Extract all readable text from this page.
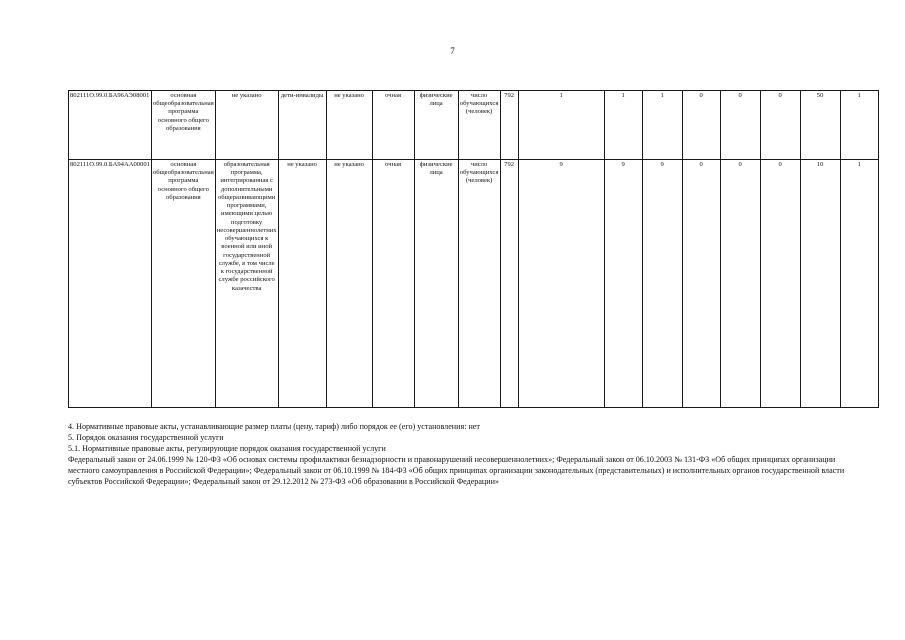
7
802111О.99.0.БА96АЭ08001	основная общеобразовательная программа основного общего образования	не указано	дети-инвалиды	не указано	очная	физические лица	число обучающихся (человек)	792	1	1	1	0	0	0	50	1
802111О.99.0.БА94АА00001	основная общеобразовательная программа основного общего образования	образовательная программа, интегрированная с дополнительными общеразвивающими программами, имеющими целью подготовку несовершеннолетних обучающихся к военной или иной государственной службе, в том числе к государственной службе российского казачества	не указано	не указано	очная	физические лица	число обучающихся (человек)	792	9	9	9	0	0	0	10	1

4. Нормативные правовые акты, устанавливающие размер платы (цену, тариф) либо порядок ее (его) установления: нет

5. Порядок оказания государственной услуги

5.1. Нормативные правовые акты, регулирующие порядок оказания государственной услуги

Федеральный закон от 24.06.1999 № 120-ФЗ «Об основах системы профилактики безнадзорности и правонарушений несовершеннолетних»; Федеральный закон от 06.10.2003 № 131-ФЗ «Об общих принципах организации местного самоуправления в Российской Федерации»; Федеральный закон от 06.10.1999 № 184-ФЗ «Об общих принципах организации законодательных (представительных) и исполнительных органов государственной власти субъектов Российской Федерации»; Федеральный закон от 29.12.2012 № 273-ФЗ «Об образовании в Российской Федерации»
